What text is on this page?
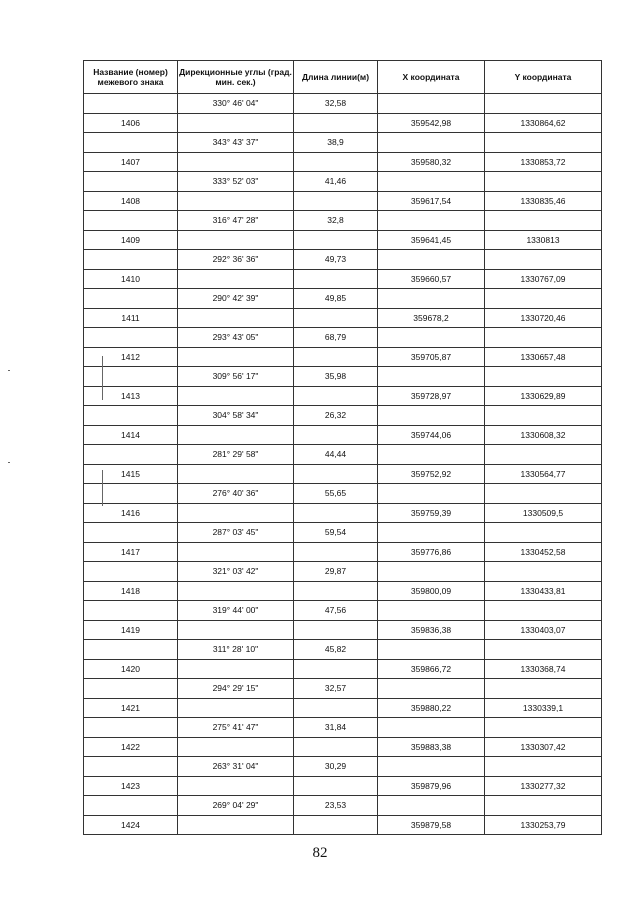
Название (номер) межевого знака	Дирекционные углы (град. мин. сек.)	Длина линии(м)	X координата	Y координата
	330° 46' 04"	32,58		
1406			359542,98	1330864,62
	343° 43' 37"	38,9		
1407			359580,32	1330853,72
	333° 52' 03"	41,46		
1408			359617,54	1330835,46
	316° 47' 28"	32,8		
1409			359641,45	1330813
	292° 36' 36"	49,73		
1410			359660,57	1330767,09
	290° 42' 39"	49,85		
1411			359678,2	1330720,46
	293° 43' 05"	68,79		
1412			359705,87	1330657,48
	309° 56' 17"	35,98		
1413			359728,97	1330629,89
	304° 58' 34"	26,32		
1414			359744,06	1330608,32
	281° 29' 58"	44,44		
1415			359752,92	1330564,77
	276° 40' 36"	55,65		
1416			359759,39	1330509,5
	287° 03' 45"	59,54		
1417			359776,86	1330452,58
	321° 03' 42"	29,87		
1418			359800,09	1330433,81
	319° 44' 00"	47,56		
1419			359836,38	1330403,07
	311° 28' 10"	45,82		
1420			359866,72	1330368,74
	294° 29' 15"	32,57		
1421			359880,22	1330339,1
	275° 41' 47"	31,84		
1422			359883,38	1330307,42
	263° 31' 04"	30,29		
1423			359879,96	1330277,32
	269° 04' 29"	23,53		
1424			359879,58	1330253,79
82
